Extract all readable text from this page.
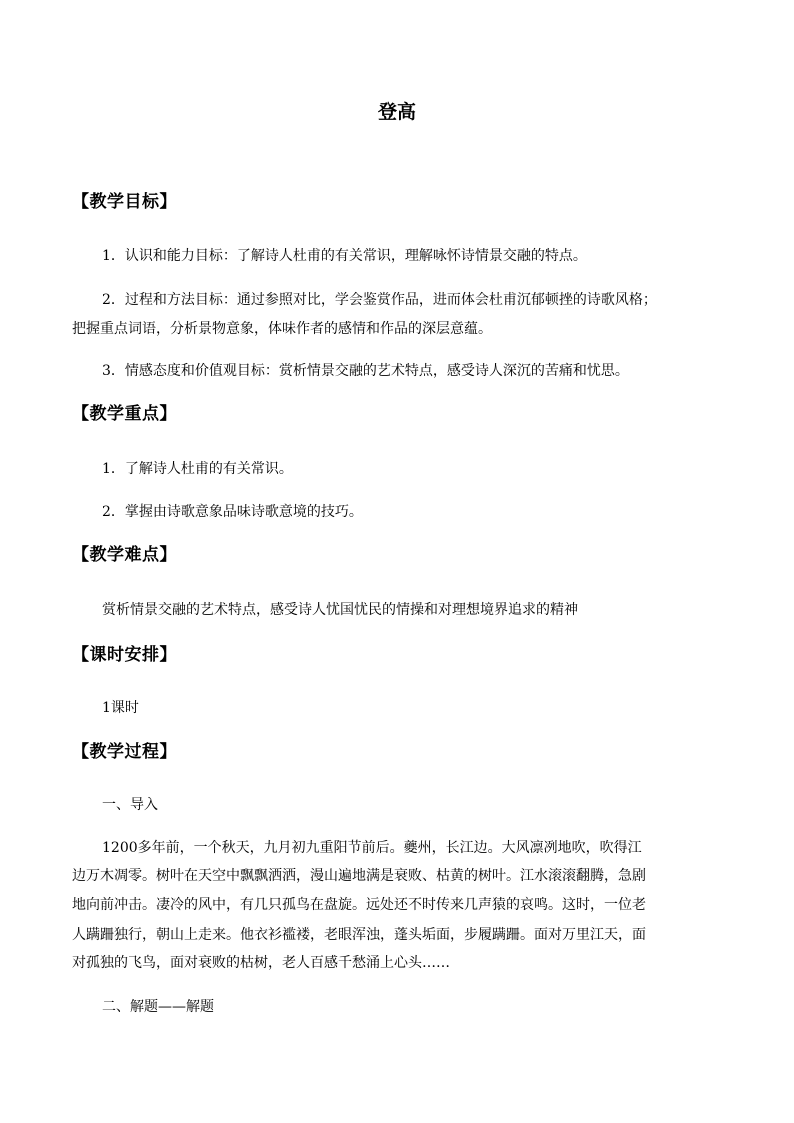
登高
【教学目标】
1．认识和能力目标：了解诗人杜甫的有关常识，理解咏怀诗情景交融的特点。
2．过程和方法目标：通过参照对比，学会鉴赏作品，进而体会杜甫沉郁顿挫的诗歌风格；
把握重点词语，分析景物意象，体味作者的感情和作品的深层意蕴。
3．情感态度和价值观目标：赏析情景交融的艺术特点，感受诗人深沉的苦痛和忧思。
【教学重点】
1．了解诗人杜甫的有关常识。
2．掌握由诗歌意象品味诗歌意境的技巧。
【教学难点】
赏析情景交融的艺术特点，感受诗人忧国忧民的情操和对理想境界追求的精神
【课时安排】
1课时
【教学过程】
一、导入
1200多年前，一个秋天，九月初九重阳节前后。夔州，长江边。大风凛冽地吹，吹得江
边万木凋零。树叶在天空中飘飘洒洒，漫山遍地满是衰败、枯黄的树叶。江水滚滚翻腾，急剧
地向前冲击。凄冷的风中，有几只孤鸟在盘旋。远处还不时传来几声猿的哀鸣。这时，一位老
人蹒跚独行，朝山上走来。他衣衫褴褛，老眼浑浊，蓬头垢面，步履蹒跚。面对万里江天，面
对孤独的飞鸟，面对衰败的枯树，老人百感千愁涌上心头……
二、解题——解题
